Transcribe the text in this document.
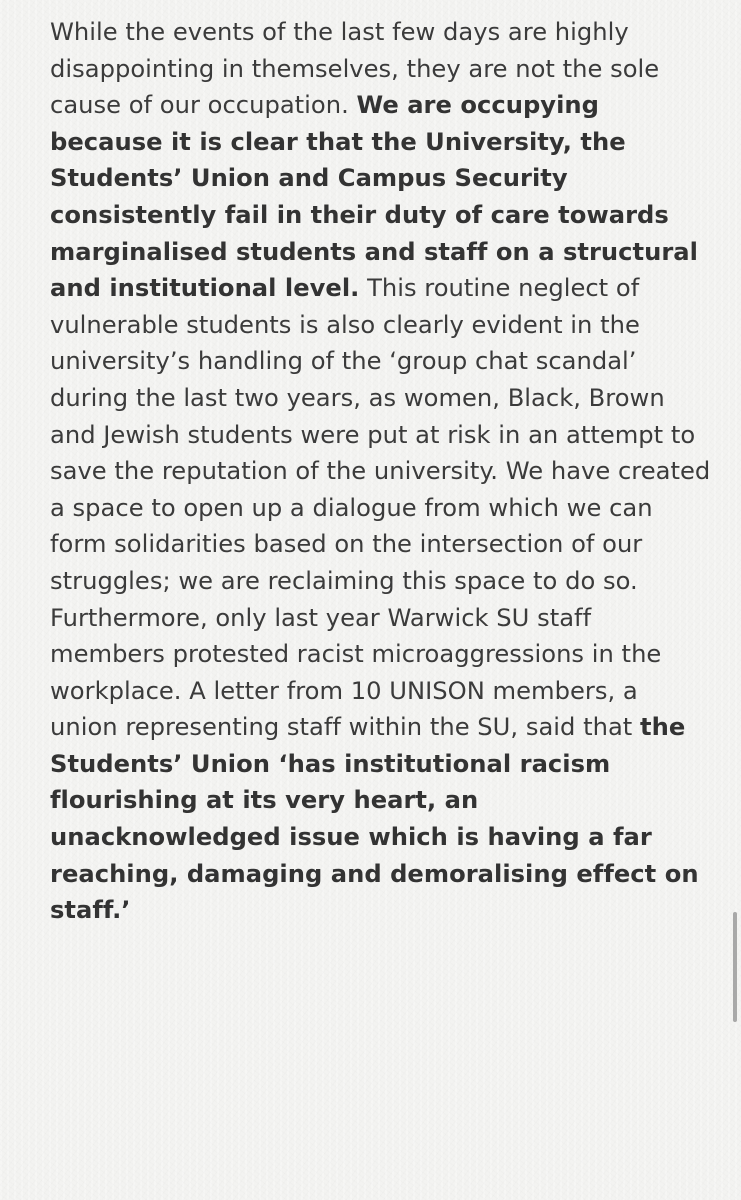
While the events of the last few days are highly disappointing in themselves, they are not the sole cause of our occupation. We are occupying because it is clear that the University, the Students’ Union and Campus Security consistently fail in their duty of care towards marginalised students and staff on a structural and institutional level. This routine neglect of vulnerable students is also clearly evident in the university’s handling of the ‘group chat scandal’ during the last two years, as women, Black, Brown and Jewish students were put at risk in an attempt to save the reputation of the university. We have created a space to open up a dialogue from which we can form solidarities based on the intersection of our struggles; we are reclaiming this space to do so. Furthermore, only last year Warwick SU staff members protested racist microaggressions in the workplace. A letter from 10 UNISON members, a union representing staff within the SU, said that the Students’ Union ‘has institutional racism flourishing at its very heart, an unacknowledged issue which is having a far reaching, damaging and demoralising effect on staff.’
